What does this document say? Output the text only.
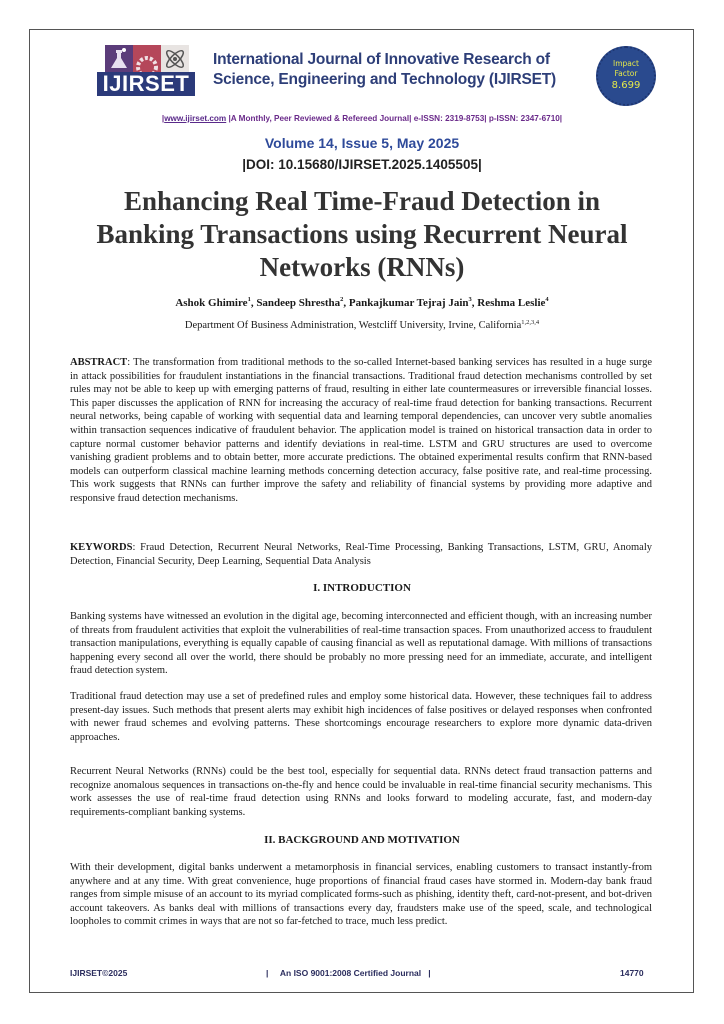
IJIRSET
International Journal of Innovative Research of
Science, Engineering and Technology (IJIRSET)
Impact
Factor
8.699
|www.ijirset.com |A Monthly, Peer Reviewed & Refereed Journal| e-ISSN: 2319-8753| p-ISSN: 2347-6710|
Volume 14, Issue 5, May 2025
|DOI: 10.15680/IJIRSET.2025.1405505|
Enhancing Real Time-Fraud Detection in
Banking Transactions using Recurrent Neural
Networks (RNNs)
Ashok Ghimire$^1$, Sandeep Shrestha$^2$, Pankajkumar Tejraj Jain$^3$, Reshma Leslie$^4$
Department Of Business Administration, Westcliff University, Irvine, California$^{1,2,3,4}$
ABSTRACT: The transformation from traditional methods to the so-called Internet-based banking services has resulted in a huge surge in attack possibilities for fraudulent instantiations in the financial transactions. Traditional fraud detection mechanisms controlled by set rules may not be able to keep up with emerging patterns of fraud, resulting in either late countermeasures or irreversible financial losses. This paper discusses the application of RNN for increasing the accuracy of real-time fraud detection for banking transactions. Recurrent neural networks, being capable of working with sequential data and learning temporal dependencies, can uncover very subtle anomalies within transaction sequences indicative of fraudulent behavior. The application model is trained on historical transaction data in order to capture normal customer behavior patterns and identify deviations in real-time. LSTM and GRU structures are used to overcome vanishing gradient problems and to obtain better, more accurate predictions. The obtained experimental results confirm that RNN-based models can outperform classical machine learning methods concerning detection accuracy, false positive rate, and real-time processing. This work suggests that RNNs can further improve the safety and reliability of financial systems by providing more adaptive and responsive fraud detection mechanisms.
KEYWORDS: Fraud Detection, Recurrent Neural Networks, Real-Time Processing, Banking Transactions, LSTM, GRU, Anomaly Detection, Financial Security, Deep Learning, Sequential Data Analysis
I. INTRODUCTION
Banking systems have witnessed an evolution in the digital age, becoming interconnected and efficient though, with an increasing number of threats from fraudulent activities that exploit the vulnerabilities of real-time transaction spaces. From unauthorized access to fraudulent transaction manipulations, everything is equally capable of causing financial as well as reputational damage. With millions of transactions happening every second all over the world, there should be probably no more pressing need for an immediate, accurate, and intelligent fraud detection system.
Traditional fraud detection may use a set of predefined rules and employ some historical data. However, these techniques fail to address present-day issues. Such methods that present alerts may exhibit high incidences of false positives or delayed responses when confronted with newer fraud schemes and evolving patterns. These shortcomings encourage researchers to explore more dynamic data-driven approaches.
Recurrent Neural Networks (RNNs) could be the best tool, especially for sequential data. RNNs detect fraud transaction patterns and recognize anomalous sequences in transactions on-the-fly and hence could be invaluable in real-time financial security mechanisms. This work assesses the use of real-time fraud detection using RNNs and looks forward to modeling accurate, fast, and modern-day requirements-compliant banking systems.
II. BACKGROUND AND MOTIVATION
With their development, digital banks underwent a metamorphosis in financial services, enabling customers to transact instantly-from anywhere and at any time. With great convenience, huge proportions of financial fraud cases have stormed in. Modern-day bank fraud ranges from simple misuse of an account to its myriad complicated forms-such as phishing, identity theft, card-not-present, and bot-driven account takeovers. As banks deal with millions of transactions every day, fraudsters make use of the speed, scale, and technological loopholes to commit crimes in ways that are not so far-fetched to trace, much less predict.
IJIRSET©2025	|     An ISO 9001:2008 Certified Journal   |	14770
